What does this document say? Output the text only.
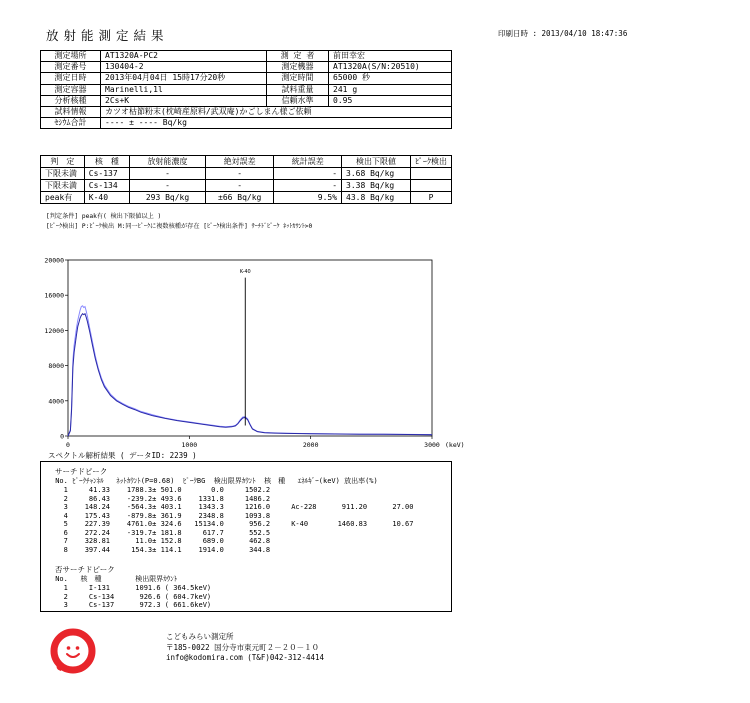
放射能測定結果	印刷日時 : 2013/04/10 18:47:36
測定場所	AT1320A-PC2	測 定 者	前田幸宏
測定番号	130404-2	測定機器	AT1320A(S/N:20510)
測定日時	2013年04月04日 15時17分20秒	測定時間	65000 秒
測定容器	Marinelli,1l	試料重量	241 g
分析核種	2Cs+K	信頼水準	0.95
試料情報	カツオ枯節粉末(枕崎産原料/武双庵)かごしまん様ご依頼		
ｾｼｳﾑ合計	---- ± ---- Bq/kg		
判　定	核　種	放射能濃度	絶対誤差	統計誤差	検出下限値	ﾋﾟｰｸ検出
下限未満	Cs-137	-	-	-	3.68 Bq/kg	
下限未満	Cs-134	-	-	-	3.38 Bq/kg	
peak有	K-40	293 Bq/kg	±66 Bq/kg	9.5%	43.8 Bq/kg	P
[判定条件] peak有( 検出下限値以上 )
[ﾋﾟｰｸ検出] P:ﾋﾟｰｸ検出 M:同一ﾋﾟｰｸに複数核種が存在 [ﾋﾟｰｸ検出条件] ｻｰﾁﾄﾞﾋﾟｰｸ ﾈｯﾄｶｳﾝﾄ>0
0
4000
8000
12000
16000
20000
0	1000	2000	3000 (keV)
K-40
スペクトル解析結果 ( データID: 2239 )
サーチドピーク
No. ﾋﾟｰｸﾁｬﾝﾈﾙ   ﾈｯﾄｶｳﾝﾄ(P=0.68)  ﾋﾟｰｸBG  検出限界ｶｳﾝﾄ  核　種   ｴﾈﾙｷﾞｰ(keV) 放出率(%)
1     41.33    1788.3± 501.0       0.0     1502.2
2     86.43    -239.2± 493.6    1331.8     1486.2
3    148.24    -564.3± 403.1    1343.3     1216.0     Ac-228      911.20      27.00
4    175.43    -879.8± 361.9    2348.8     1093.8
5    227.39    4761.0± 324.6   15134.0      956.2     K-40       1460.83      10.67
6    272.24    -319.7± 181.8     617.7      552.5
7    328.81      11.0± 152.8     689.0      462.8
8    397.44     154.3± 114.1    1914.0      344.8
否サーチドピーク
No.   核　種        検出限界ｶｳﾝﾄ
1     I-131      1091.6 ( 364.5keV)
2     Cs-134      926.6 ( 604.7keV)
3     Cs-137      972.3 ( 661.6keV)
こどもみらい測定所
〒185-0022 国分寺市東元町２－２０－１０
info@kodomira.com (T&F)042-312-4414
